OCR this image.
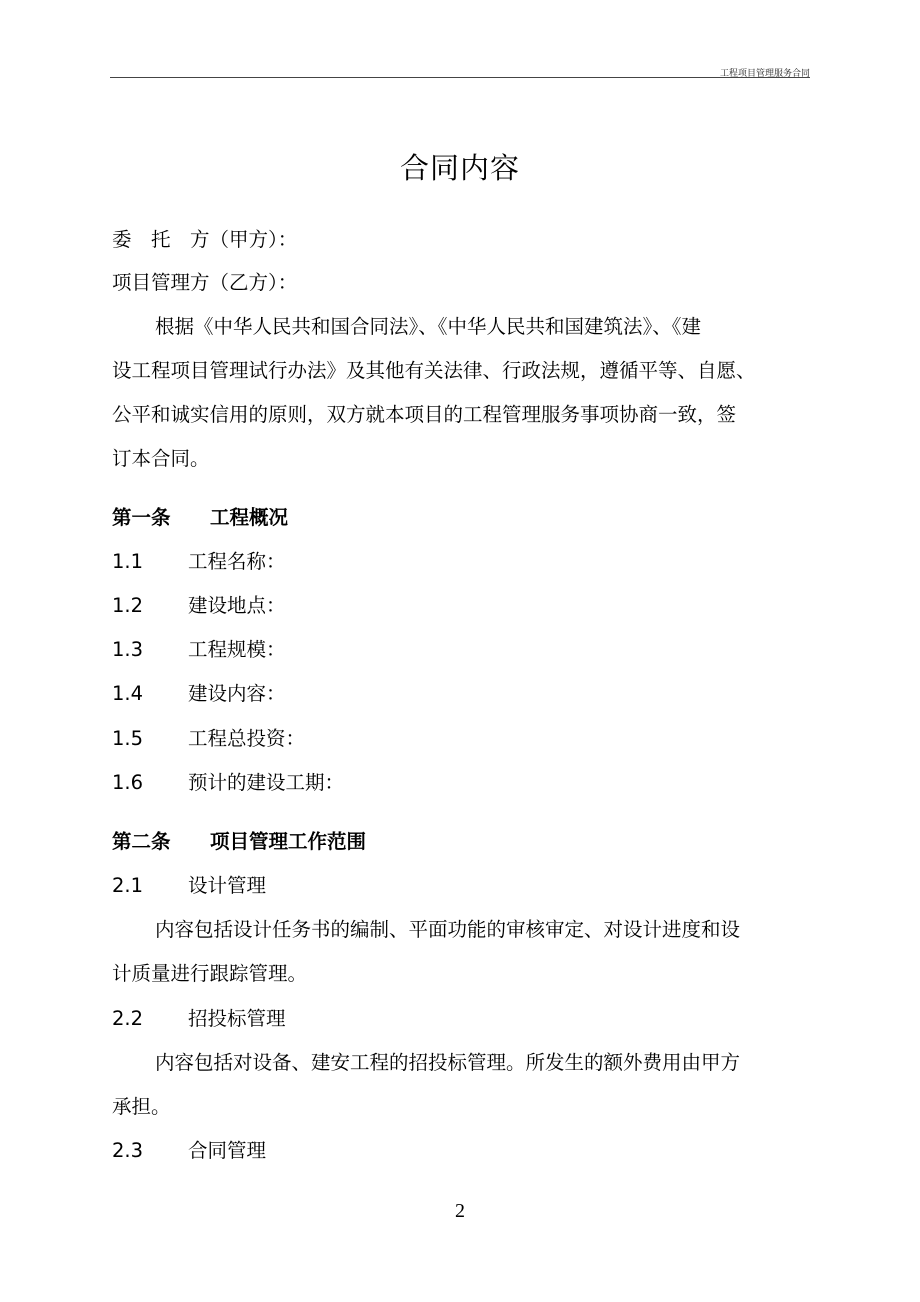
工程项目管理服务合同
合同内容
委　托　方（甲方）：
项目管理方（乙方）：
根据《中华人民共和国合同法》、《中华人民共和国建筑法》、《建
设工程项目管理试行办法》及其他有关法律、行政法规，遵循平等、自愿、
公平和诚实信用的原则，双方就本项目的工程管理服务事项协商一致，签
订本合同。
第一条 工程概况
1.1 工程名称：
1.2 建设地点：
1.3 工程规模：
1.4 建设内容：
1.5 工程总投资：
1.6 预计的建设工期：
第二条 项目管理工作范围
2.1 设计管理
内容包括设计任务书的编制、平面功能的审核审定、对设计进度和设
计质量进行跟踪管理。
2.2 招投标管理
内容包括对设备、建安工程的招投标管理。所发生的额外费用由甲方
承担。
2.3 合同管理
2
